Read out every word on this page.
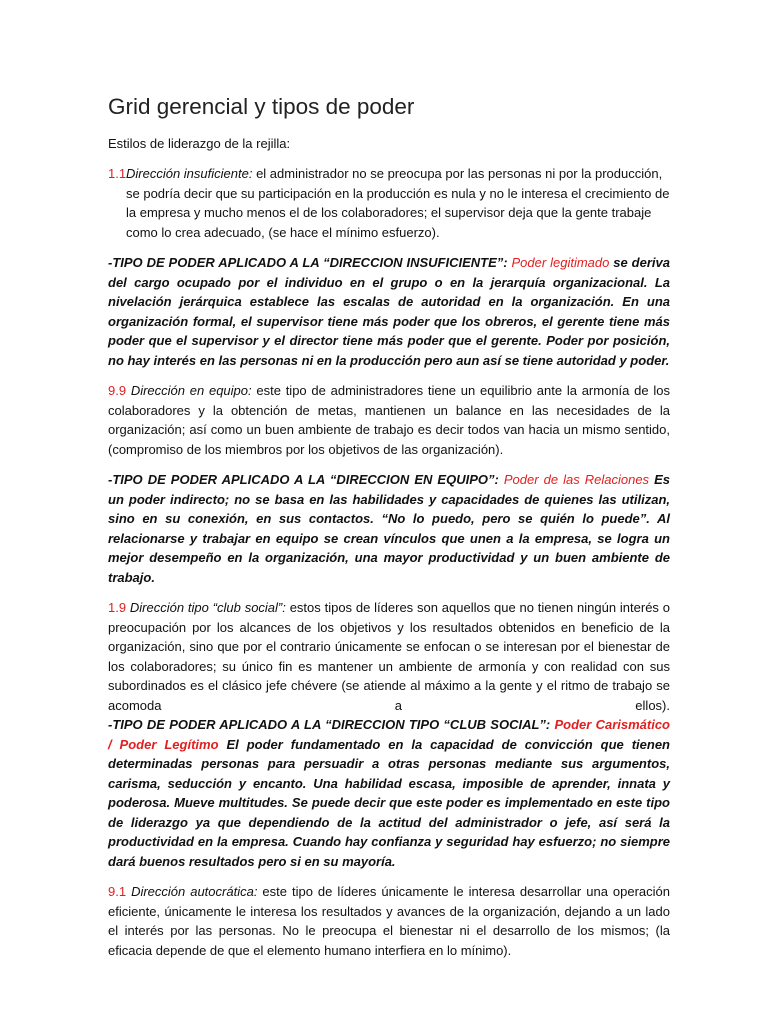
Grid gerencial y tipos de poder

Estilos de liderazgo de la rejilla:

1.1Dirección insuficiente: el administrador no se preocupa por las personas ni por la producción, se podría decir que su participación en la producción es nula y no le interesa el crecimiento de la empresa y mucho menos el de los colaboradores; el supervisor deja que la gente trabaje como lo crea adecuado, (se hace el mínimo esfuerzo).

-TIPO DE PODER APLICADO A LA “DIRECCION INSUFICIENTE”: Poder legitimado se deriva del cargo ocupado por el individuo en el grupo o en la jerarquía organizacional. La nivelación jerárquica establece las escalas de autoridad en la organización. En una organización formal, el supervisor tiene más poder que los obreros, el gerente tiene más poder que el supervisor y el director tiene más poder que el gerente. Poder por posición, no hay interés en las personas ni en la producción pero aun así se tiene autoridad y poder.

9.9 Dirección en equipo: este tipo de administradores tiene un equilibrio ante la armonía de los colaboradores y la obtención de metas, mantienen un balance en las necesidades de la organización; así como un buen ambiente de trabajo es decir todos van hacia un mismo sentido, (compromiso de los miembros por los objetivos de las organización).

-TIPO DE PODER APLICADO A LA “DIRECCION EN EQUIPO”: Poder de las Relaciones Es un poder indirecto; no se basa en las habilidades y capacidades de quienes las utilizan, sino en su conexión, en sus contactos. “No lo puedo, pero se quién lo puede”. Al relacionarse y trabajar en equipo se crean vínculos que unen a la empresa, se logra un mejor desempeño en la organización, una mayor productividad y un buen ambiente de trabajo.

1.9 Dirección tipo “club social”: estos tipos de líderes son aquellos que no tienen ningún interés o preocupación por los alcances de los objetivos y los resultados obtenidos en beneficio de la organización, sino que por el contrario únicamente se enfocan o se interesan por el bienestar de los colaboradores; su único fin es mantener un ambiente de armonía y con realidad con sus subordinados es el clásico jefe chévere (se atiende al máximo a la gente y el ritmo de trabajo se acomoda a ellos).

-TIPO DE PODER APLICADO A LA “DIRECCION TIPO “CLUB SOCIAL”: Poder Carismático / Poder Legítimo El poder fundamentado en la capacidad de convicción que tienen determinadas personas para persuadir a otras personas mediante sus argumentos, carisma, seducción y encanto. Una habilidad escasa, imposible de aprender, innata y poderosa. Mueve multitudes. Se puede decir que este poder es implementado en este tipo de liderazgo ya que dependiendo de la actitud del administrador o jefe, así será la productividad en la empresa. Cuando hay confianza y seguridad hay esfuerzo; no siempre dará buenos resultados pero si en su mayoría.

9.1 Dirección autocrática: este tipo de líderes únicamente le interesa desarrollar una operación eficiente, únicamente le interesa los resultados y avances de la organización, dejando a un lado el interés por las personas. No le preocupa el bienestar ni el desarrollo de los mismos; (la eficacia depende de que el elemento humano interfiera en lo mínimo).
